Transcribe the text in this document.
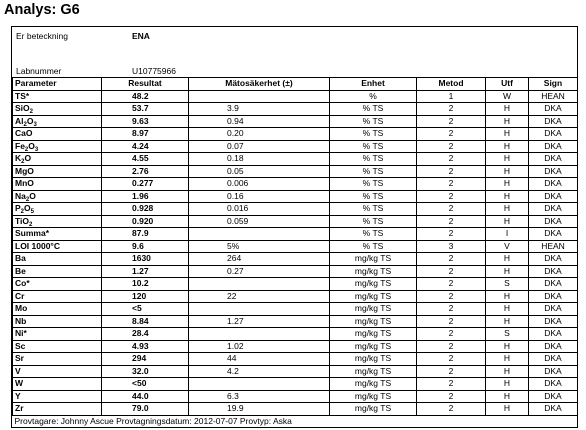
Analys: G6
Er beteckning	ENA
Labnummer	U10775966
Parameter	Resultat	Mätosäkerhet (±)	Enhet	Metod	Utf	Sign
TS*	48.2		%	1	W	HEAN
SiO$_2$	53.7	3.9	% TS	2	H	DKA
$Al_2O_3$	9.63	0.94	% TS	2	H	DKA
CaO	8.97	0.20	% TS	2	H	DKA
$Fe_2O_3$	4.24	0.07	% TS	2	H	DKA
$K_2O$	4.55	0.18	% TS	2	H	DKA
MgO	2.76	0.05	% TS	2	H	DKA
MnO	0.277	0.006	% TS	2	H	DKA
$Na_2O$	1.96	0.16	% TS	2	H	DKA
$P_2O_5$	0.928	0.016	% TS	2	H	DKA
TiO$_2$	0.920	0.059	% TS	2	H	DKA
Summa*	87.9		% TS	2	I	DKA
LOI 1000°C	9.6	5%	% TS	3	V	HEAN
Ba	1630	264	mg/kg TS	2	H	DKA
Be	1.27	0.27	mg/kg TS	2	H	DKA
Co*	10.2		mg/kg TS	2	S	DKA
Cr	120	22	mg/kg TS	2	H	DKA
Mo	<5		mg/kg TS	2	H	DKA
Nb	8.84	1.27	mg/kg TS	2	H	DKA
Ni*	28.4		mg/kg TS	2	S	DKA
Sc	4.93	1.02	mg/kg TS	2	H	DKA
Sr	294	44	mg/kg TS	2	H	DKA
V	32.0	4.2	mg/kg TS	2	H	DKA
W	<50		mg/kg TS	2	H	DKA
Y	44.0	6.3	mg/kg TS	2	H	DKA
Zr	79.0	19.9	mg/kg TS	2	H	DKA
Provtagare: Johnny Ascue Provtagningsdatum: 2012-07-07 Provtyp: Aska						
